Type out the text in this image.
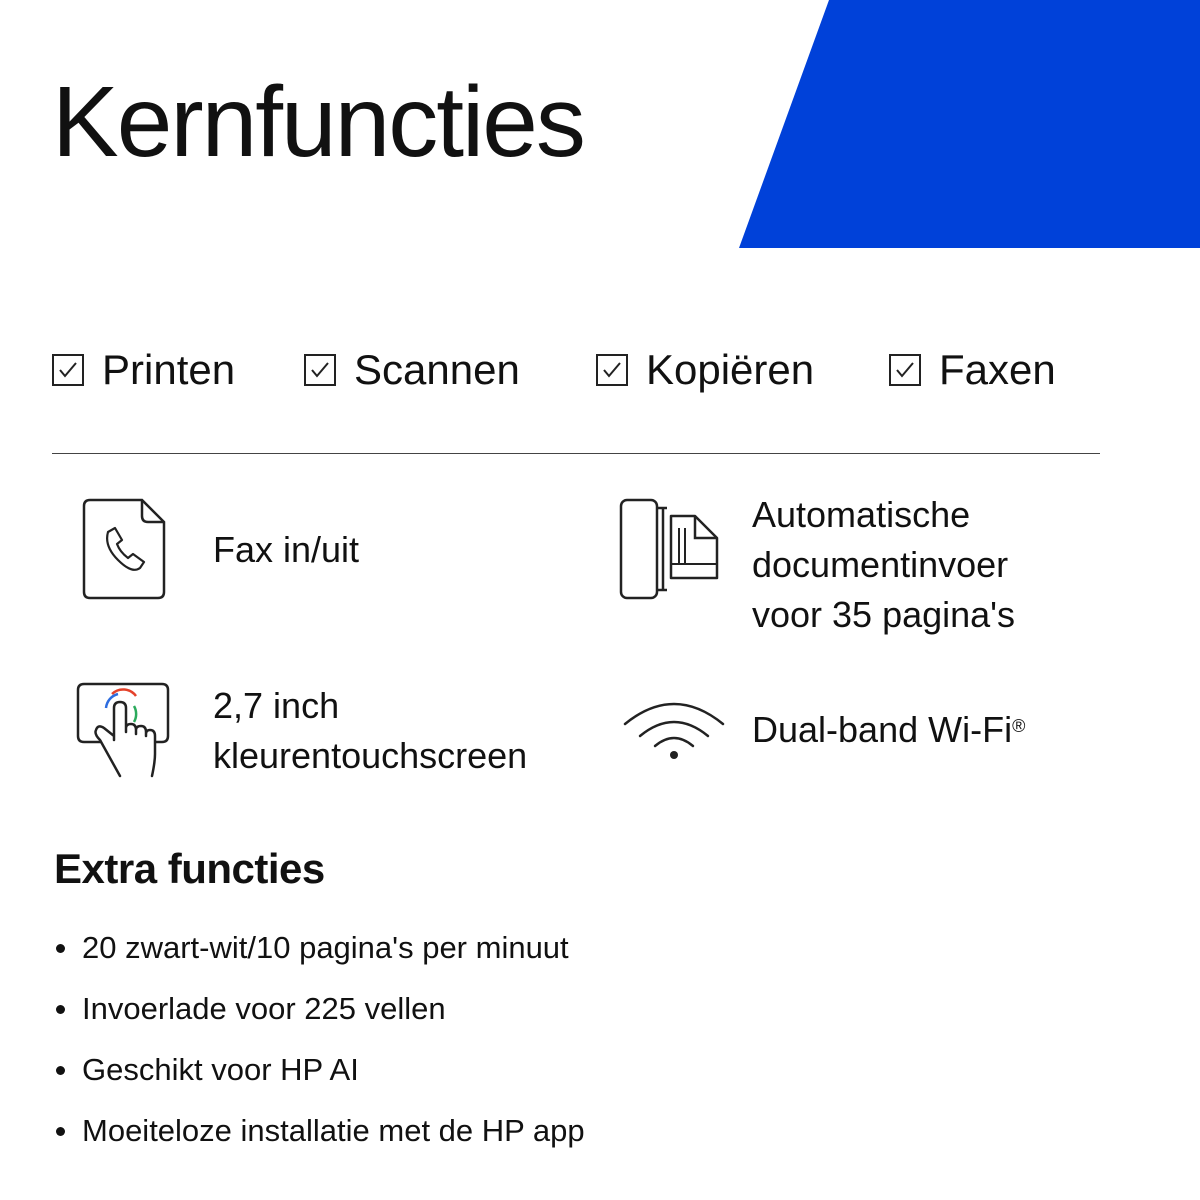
Kernfuncties
Printen	Scannen	Kopiëren	Faxen
Fax in/uit
Automatische
documentinvoer
voor 35 pagina's
2,7 inch
kleurentouchscreen
Dual-band Wi-Fi®
Extra functies
20 zwart-wit/10 pagina's per minuut
Invoerlade voor 225 vellen
Geschikt voor HP AI
Moeiteloze installatie met de HP app
